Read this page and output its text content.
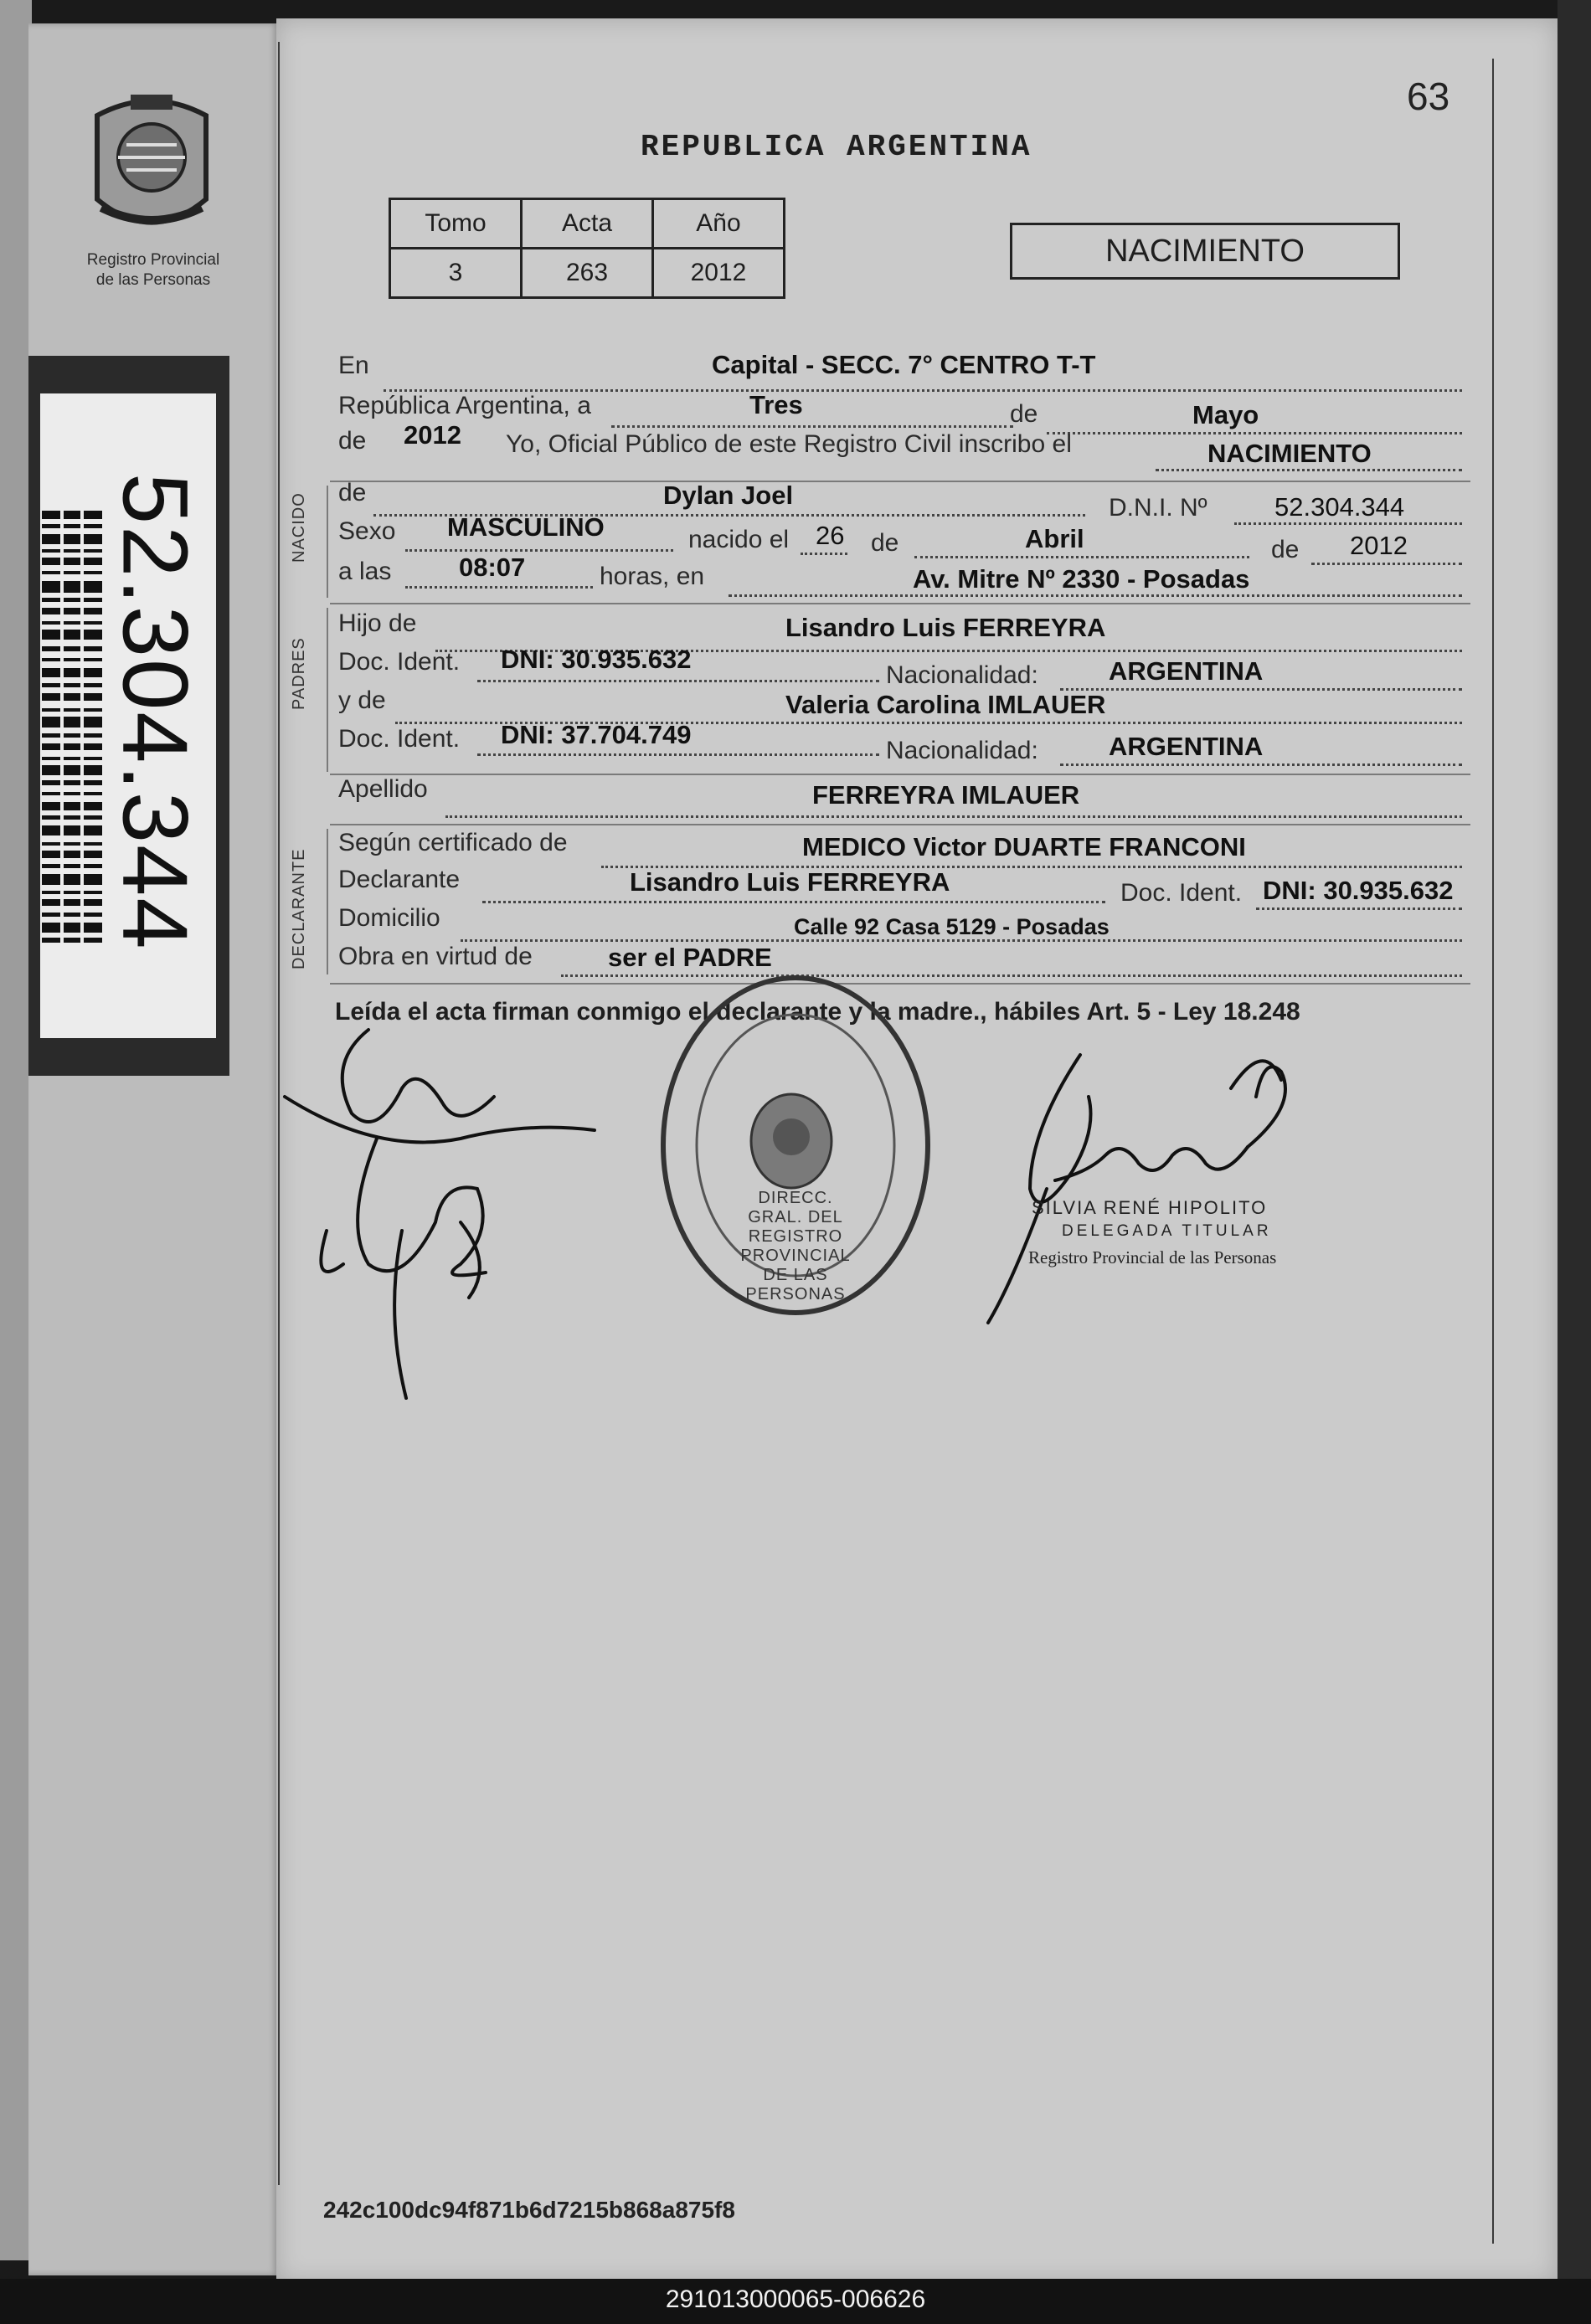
Registro Provincial
de las Personas
52.304.344
63
REPUBLICA ARGENTINA
Tomo	Acta	Año
3	263	2012
NACIMIENTO
En	Capital - SECC. 7° CENTRO T-T
República Argentina, a	Tres	de	Mayo
de 2012 Yo, Oficial Público de este Registro Civil inscribo el	NACIMIENTO
NACIDO de	Dylan Joel	D.N.I. Nº	52.304.344
Sexo MASCULINO	nacido el 26 de	Abril	de 2012
a las	08:07	horas, en	Av. Mitre Nº 2330 - Posadas
PADRES
Hijo de	Lisandro Luis FERREYRA
Doc. Ident. DNI: 30.935.632
Nacionalidad:	ARGENTINA
y de	Valeria Carolina IMLAUER
Doc. Ident. DNI: 37.704.749
Nacionalidad:	ARGENTINA
Apellido	FERREYRA IMLAUER
DECLARANTE
Según certificado de	MEDICO Victor DUARTE FRANCONI
Declarante	Lisandro Luis FERREYRA	Doc. Ident. DNI: 30.935.632
Domicilio	Calle 92 Casa 5129 - Posadas
Obra en virtud de	ser el PADRE
Leída el acta firman conmigo el declarante y la madre., hábiles Art. 5 - Ley 18.248
DIRECC. GRAL. DEL REGISTRO PROVINCIAL DE LAS PERSONAS
SILVIA RENÉ HIPOLITO
DELEGADA TITULAR
Registro Provincial de las Personas
242c100dc94f871b6d7215b868a875f8
291013000065-006626
